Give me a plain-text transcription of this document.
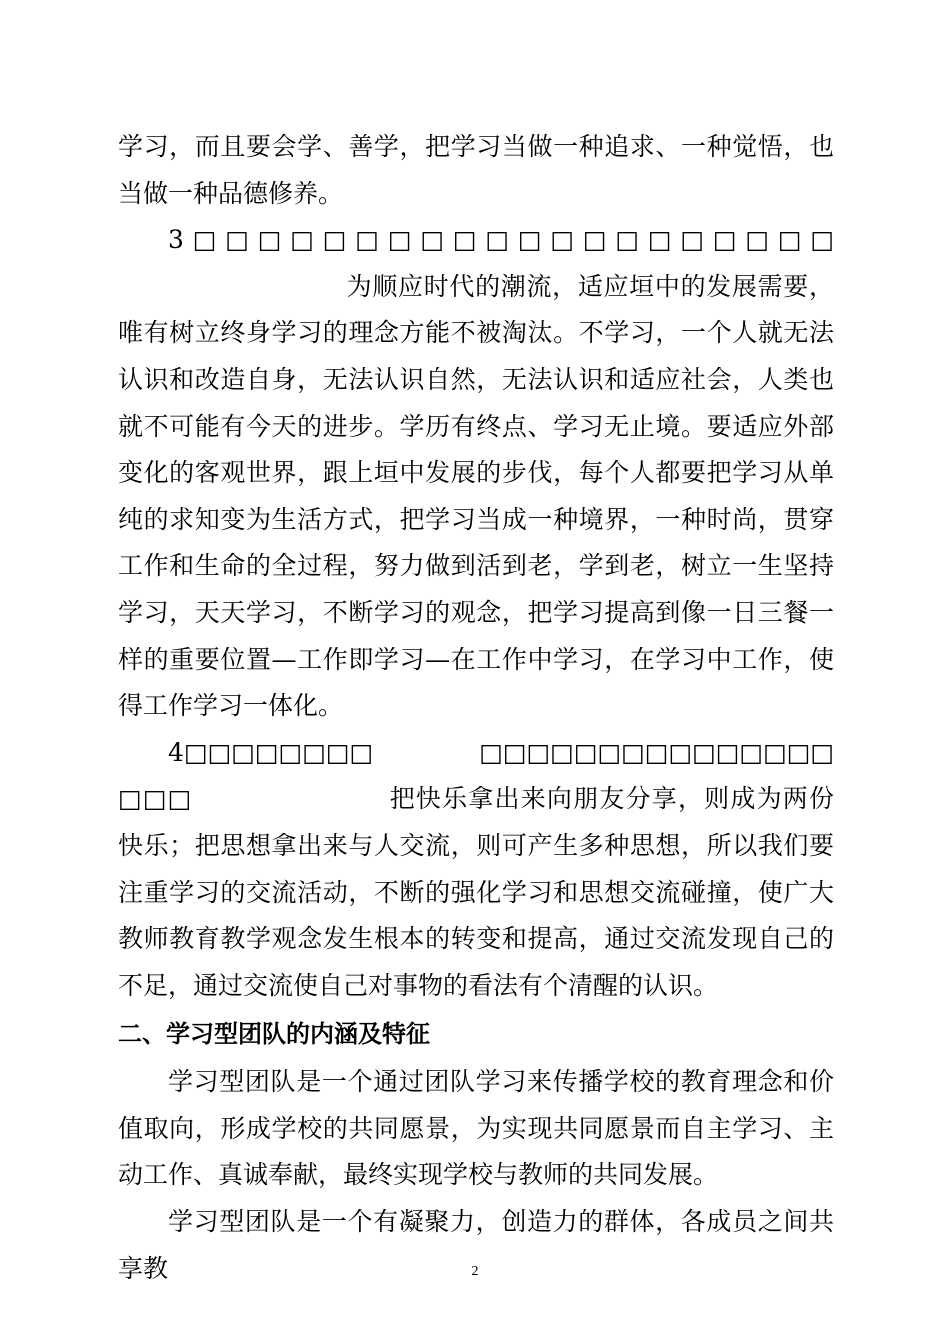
学习，而且要会学、善学，把学习当做一种追求、一种觉悟，也当做一种品德修养。

3□□□□□□□□□□□□□□□□□□□□为顺应时代的潮流，适应垣中的发展需要，唯有树立终身学习的理念方能不被淘汰。不学习，一个人就无法认识和改造自身，无法认识自然，无法认识和适应社会，人类也就不可能有今天的进步。学历有终点、学习无止境。要适应外部变化的客观世界，跟上垣中发展的步伐，每个人都要把学习从单纯的求知变为生活方式，把学习当成一种境界，一种时尚，贯穿工作和生命的全过程，努力做到活到老，学到老，树立一生坚持学习，天天学习，不断学习的观念，把学习提高到像一日三餐一样的重要位置—工作即学习—在工作中学习，在学习中工作，使得工作学习一体化。

4□□□□□□□□	□□□□□□□□□□□□□□□□□□	把快乐拿出来向朋友分享，则成为两份快乐；把思想拿出来与人交流，则可产生多种思想，所以我们要注重学习的交流活动，不断的强化学习和思想交流碰撞，使广大教师教育教学观念发生根本的转变和提高，通过交流发现自己的不足，通过交流使自己对事物的看法有个清醒的认识。

二、学习型团队的内涵及特征

学习型团队是一个通过团队学习来传播学校的教育理念和价值取向，形成学校的共同愿景，为实现共同愿景而自主学习、主动工作、真诚奉献，最终实现学校与教师的共同发展。

学习型团队是一个有凝聚力，创造力的群体，各成员之间共享教	2
